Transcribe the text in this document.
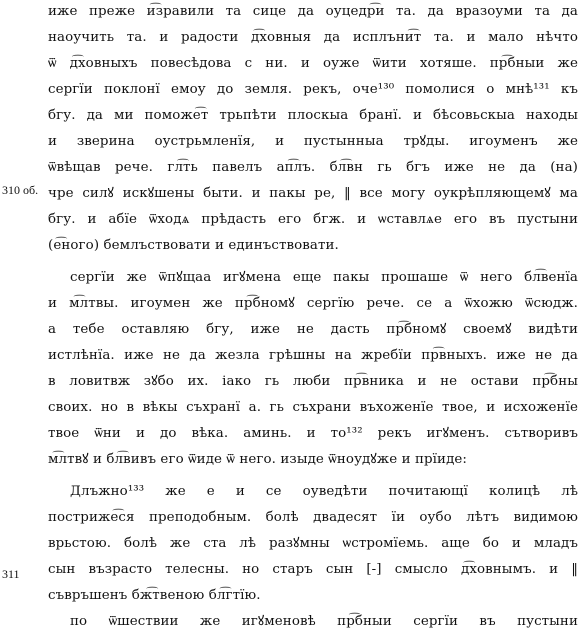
310 об.
311
иже преже и͡зравили та сице да оуцедр͡и та. да вразоуми та да
наоучить та. и радости д͡ховныя да исплъни͡т та. и мало нѣчто
ѿ д͡ховныхъ повесѣдова с ни. и оуже ѿити хотяше. пр͡бныи же
сергїи поклонї емоу до земля. рекъ, оче¹³⁰ помолися о мнѣ¹³¹ къ
бгу. да ми поможе͡т трьпѣти плоскыа бранї. и бѣсовьскыа находы
и зверина оустрьмленїя, и пустынныа трꙋды. игоуменъ же
ѿвѣщав рече. гл͡ть павелъ ап͡лъ. бл͡вн гь бгъ иже не да (на)
чре силꙋ искꙋшены быти. и пакы ре, ‖ все могу оукрѣпляющемꙋ ма
бгу. и абїе ѿходѧ прѣдасть его бгж. и ѡставлѧе его въ пустыни
(е͡ного) бемлъствовати и единъствовати.
сергїи же ѿпꙋщаа игꙋмена еще пакы прошаше ѿ него бл͡венїа
и м͡лтвы. игоумен же пр͡бномꙋ сергїю рече. се а ѿхожю ѿсюдж.
а тебе оставляю бгу, иже не дасть пр͡бномꙋ своемꙋ видѣти
истлѣнїа. иже не да жезла грѣшны на жребїи пр͡вныхъ. иже не да
в ловитвж зꙋбо их. iако гь люби пр͡вника и не остави пр͡бны
своих. но в вѣкы съхранї а. гь съхрани въхоженїе твое, и исхоженїе
твое ѿни и до вѣка. аминь. и то¹³² рекъ игꙋменъ. сътворивъ
м͡лтвꙋ и бл͡вивъ его ѿиде ѿ него. изыде ѿноудꙋже и прїиде:
Длъжно¹³³ же е и се оуведѣти почитающї колицѣ лѣ
постриже͡ся преподобным. болѣ двадесят їи оубо лѣтъ видимою
врьстою. болѣ же ста лѣ разꙋмны ѡстромїемь. аще бо и младъ
сын възрасто телесны. но старъ сын [-] смысло д͡ховнымъ. и ‖
съвръшенъ бж͡твеною бл͡гтїю.
по ѿшествии же игꙋменовѣ пр͡бныи сергїи въ пустыни
